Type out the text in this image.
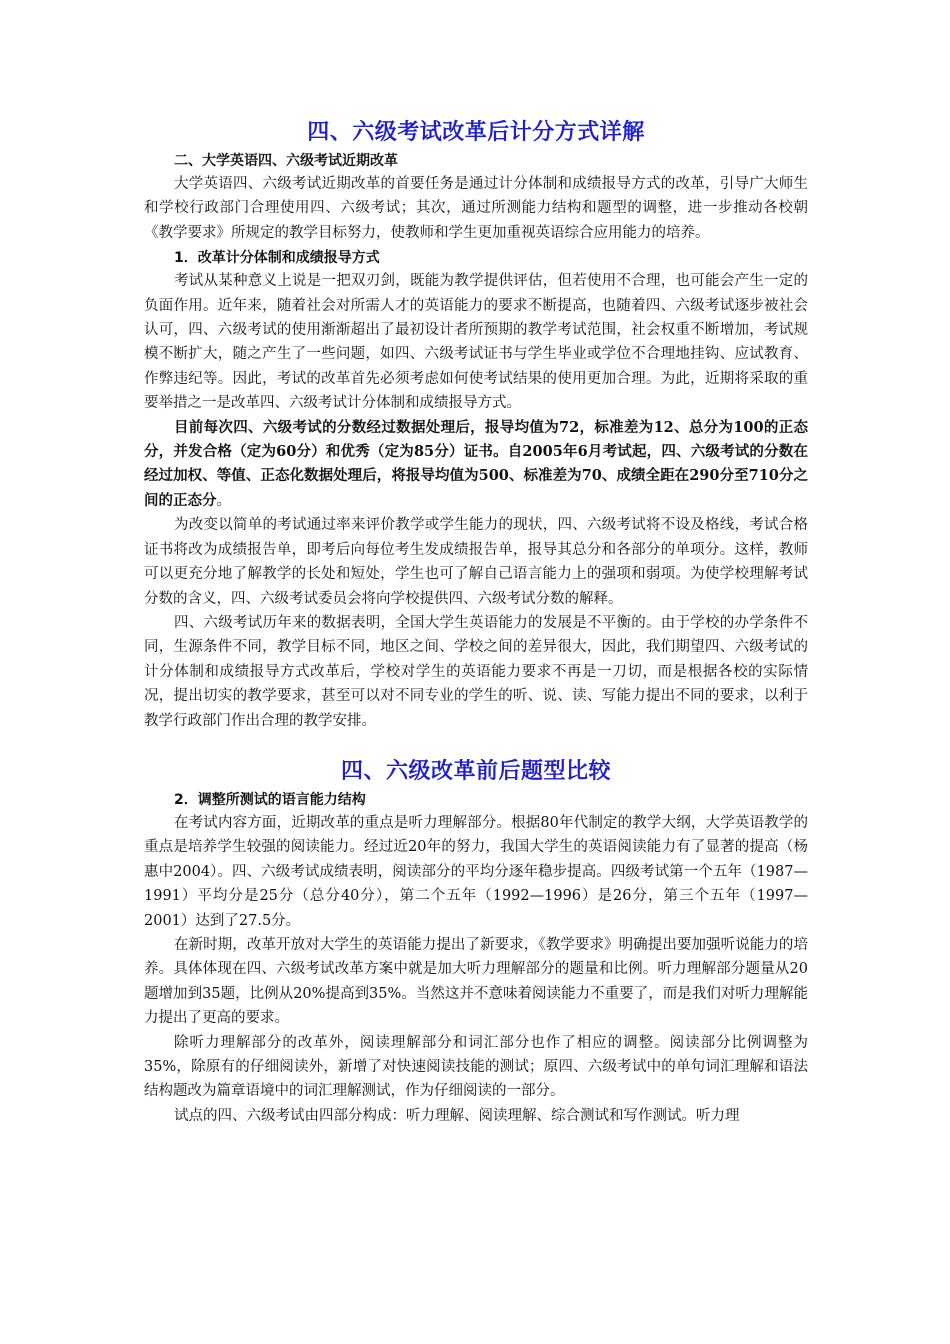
四、六级考试改革后计分方式详解
二、大学英语四、六级考试近期改革

大学英语四、六级考试近期改革的首要任务是通过计分体制和成绩报导方式的改革，引导广大师生和学校行政部门合理使用四、六级考试；其次，通过所测能力结构和题型的调整，进一步推动各校朝《教学要求》所规定的教学目标努力，使教师和学生更加重视英语综合应用能力的培养。

1．改革计分体制和成绩报导方式

考试从某种意义上说是一把双刃剑，既能为教学提供评估，但若使用不合理，也可能会产生一定的负面作用。近年来，随着社会对所需人才的英语能力的要求不断提高，也随着四、六级考试逐步被社会认可，四、六级考试的使用渐渐超出了最初设计者所预期的教学考试范围，社会权重不断增加，考试规模不断扩大，随之产生了一些问题，如四、六级考试证书与学生毕业或学位不合理地挂钩、应试教育、作弊违纪等。因此，考试的改革首先必须考虑如何使考试结果的使用更加合理。为此，近期将采取的重要举措之一是改革四、六级考试计分体制和成绩报导方式。

目前每次四、六级考试的分数经过数据处理后，报导均值为72，标准差为12、总分为100的正态分，并发合格（定为60分）和优秀（定为85分）证书。自2005年6月考试起，四、六级考试的分数在经过加权、等值、正态化数据处理后，将报导均值为500、标准差为70、成绩全距在290分至710分之间的正态分。

为改变以简单的考试通过率来评价教学或学生能力的现状，四、六级考试将不设及格线，考试合格证书将改为成绩报告单，即考后向每位考生发成绩报告单，报导其总分和各部分的单项分。这样，教师可以更充分地了解教学的长处和短处，学生也可了解自己语言能力上的强项和弱项。为使学校理解考试分数的含义，四、六级考试委员会将向学校提供四、六级考试分数的解释。

四、六级考试历年来的数据表明，全国大学生英语能力的发展是不平衡的。由于学校的办学条件不同，生源条件不同，教学目标不同，地区之间、学校之间的差异很大，因此，我们期望四、六级考试的计分体制和成绩报导方式改革后，学校对学生的英语能力要求不再是一刀切，而是根据各校的实际情况，提出切实的教学要求，甚至可以对不同专业的学生的听、说、读、写能力提出不同的要求，以利于教学行政部门作出合理的教学安排。

四、六级改革前后题型比较
2．调整所测试的语言能力结构

在考试内容方面，近期改革的重点是听力理解部分。根据80年代制定的教学大纲，大学英语教学的重点是培养学生较强的阅读能力。经过近20年的努力，我国大学生的英语阅读能力有了显著的提高（杨惠中2004）。四、六级考试成绩表明，阅读部分的平均分逐年稳步提高。四级考试第一个五年（1987—1991）平均分是25分（总分40分），第二个五年（1992—1996）是26分，第三个五年（1997—2001）达到了27.5分。

在新时期，改革开放对大学生的英语能力提出了新要求，《教学要求》明确提出要加强听说能力的培养。具体体现在四、六级考试改革方案中就是加大听力理解部分的题量和比例。听力理解部分题量从20题增加到35题，比例从20%提高到35%。当然这并不意味着阅读能力不重要了，而是我们对听力理解能力提出了更高的要求。

除听力理解部分的改革外，阅读理解部分和词汇部分也作了相应的调整。阅读部分比例调整为35%，除原有的仔细阅读外，新增了对快速阅读技能的测试；原四、六级考试中的单句词汇理解和语法结构题改为篇章语境中的词汇理解测试，作为仔细阅读的一部分。

试点的四、六级考试由四部分构成：听力理解、阅读理解、综合测试和写作测试。听力理
